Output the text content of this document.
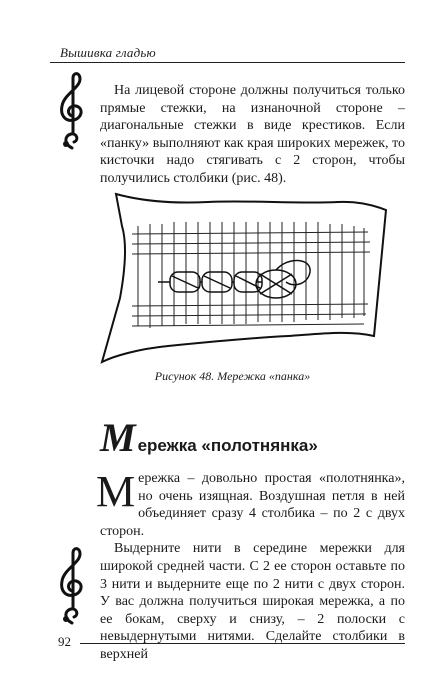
Вышивка гладью

На лицевой стороне должны получиться только прямые стежки, на изнаночной стороне – диагональные стежки в виде крестиков. Если «панку» выполняют как края широких мережек, то кисточки надо стягивать с 2 сторон, чтобы получились столбики (рис. 48).

Рисунок 48. Мережка «панка»
М ережка «полотнянка»
М ережка – довольно простая «полотнянка», но очень изящная. Воздушная петля в ней объединяет сразу 4 столбика – по 2 с двух сторон.

Выдерните нити в середине мережки для широкой средней части. С 2 ее сторон оставьте по 3 нити и выдерните еще по 2 нити с двух сторон. У вас должна получиться широкая мережка, а по ее бокам, сверху и снизу, – 2 полоски с невыдернутыми нитями. Сделайте столбики в верхней

92
